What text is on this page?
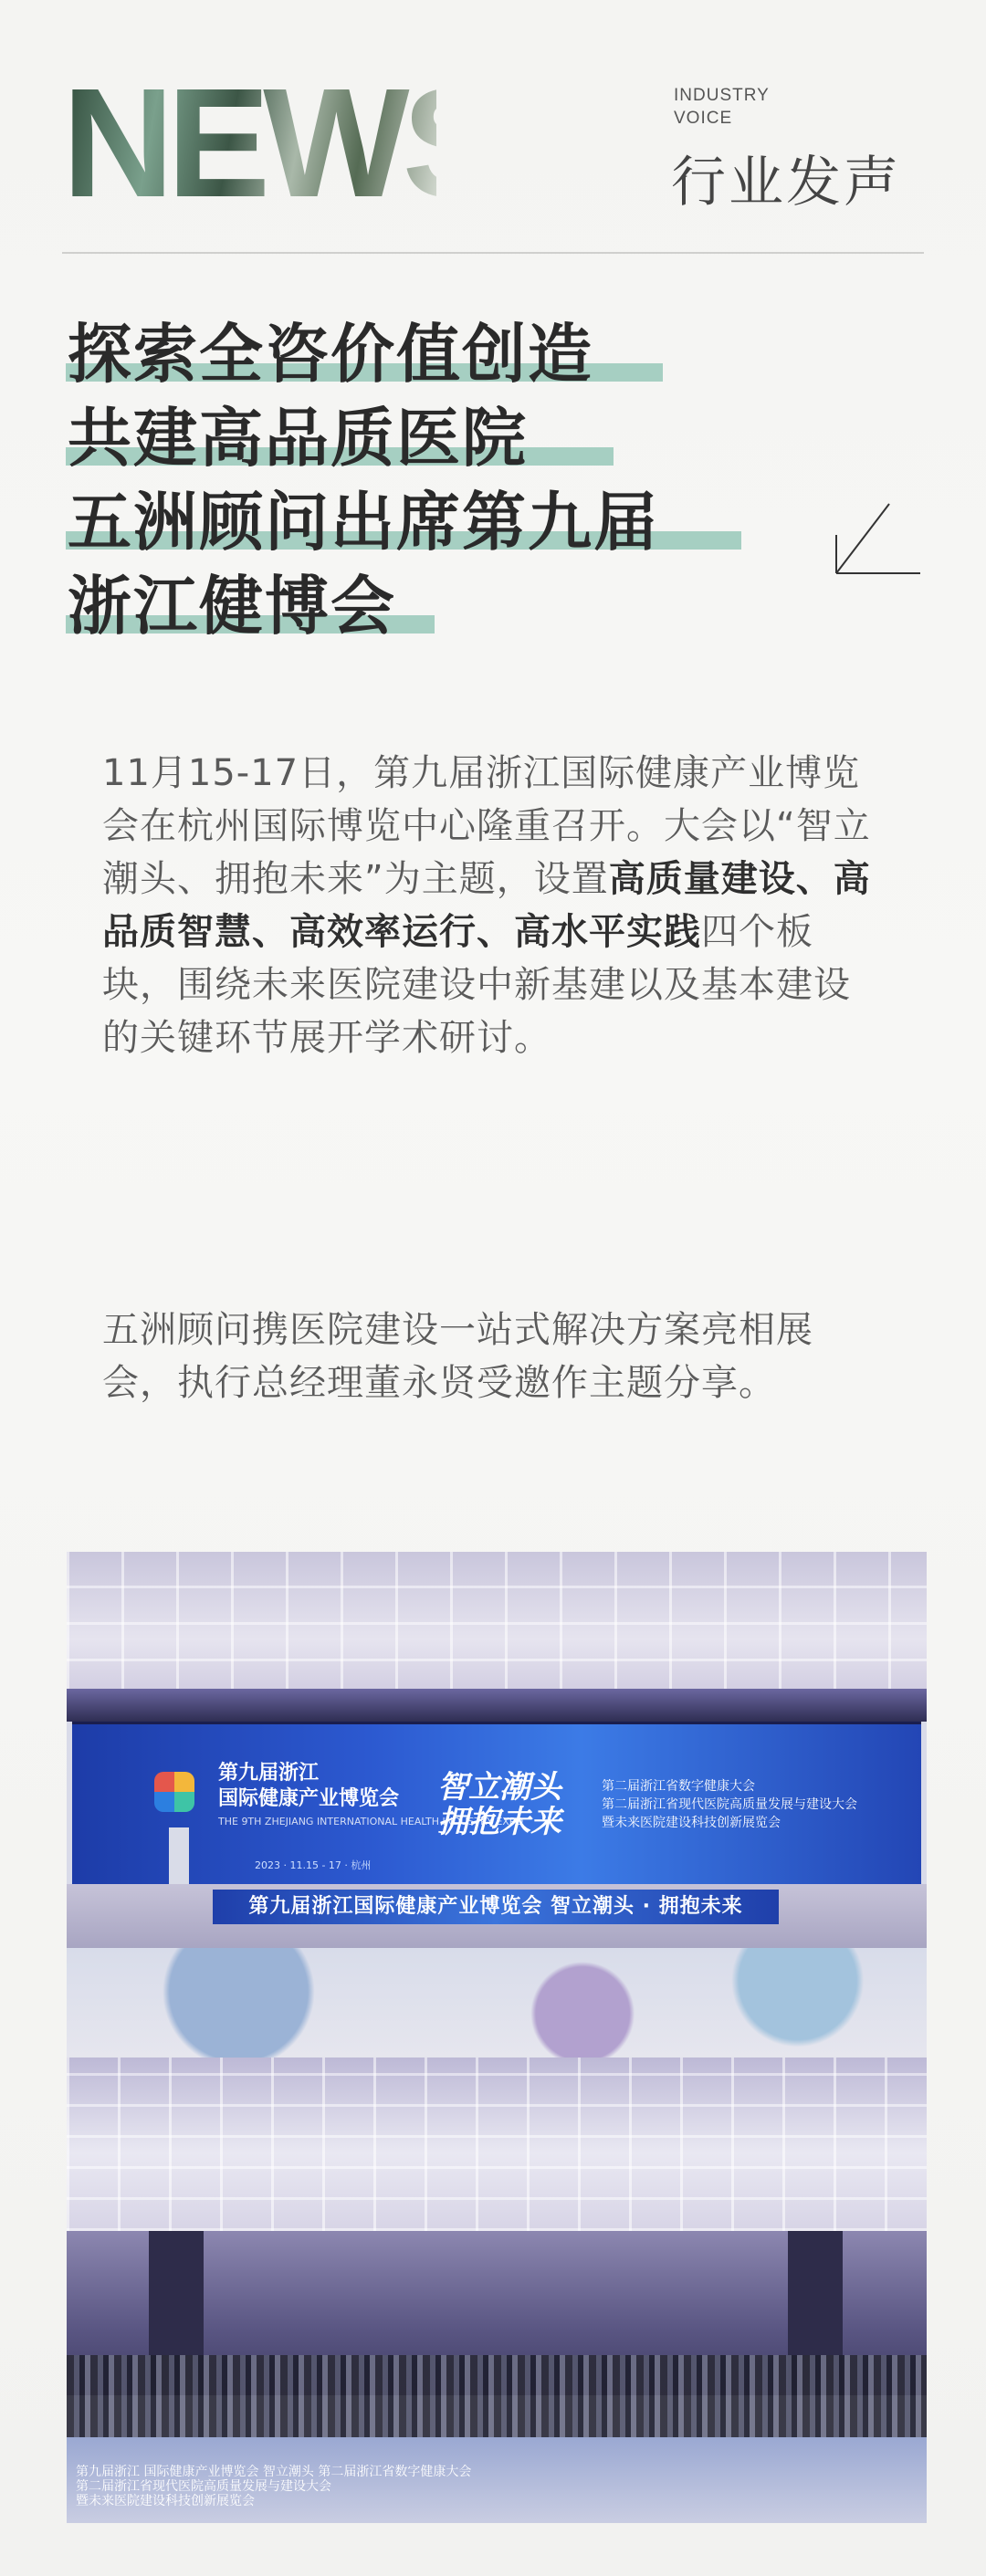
NEWS	INDUSTRY
VOICE
行业发声
探索全咨价值创造
共建高品质医院
五洲顾问出席第九届
浙江健博会
11月15-17日，第九届浙江国际健康产业博览会在杭州国际博览中心隆重召开。大会以“智立潮头、拥抱未来”为主题，设置高质量建设、高品质智慧、高效率运行、高水平实践四个板块，围绕未来医院建设中新基建以及基本建设的关键环节展开学术研讨。
五洲顾问携医院建设一站式解决方案亮相展会，执行总经理董永贤受邀作主题分享。
第九届浙江
国际健康产业博览会
THE 9TH ZHEJIANG INTERNATIONAL HEALTH INDUSTRY EXPO
智立潮头
拥抱未来
第二届浙江省数字健康大会
第二届浙江省现代医院高质量发展与建设大会
暨未来医院建设科技创新展览会
2023 · 11.15 - 17 · 杭州
第九届浙江国际健康产业博览会 智立潮头 · 拥抱未来
第九届浙江 国际健康产业博览会 智立潮头 第二届浙江省数字健康大会
第二届浙江省现代医院高质量发展与建设大会
暨未来医院建设科技创新展览会
